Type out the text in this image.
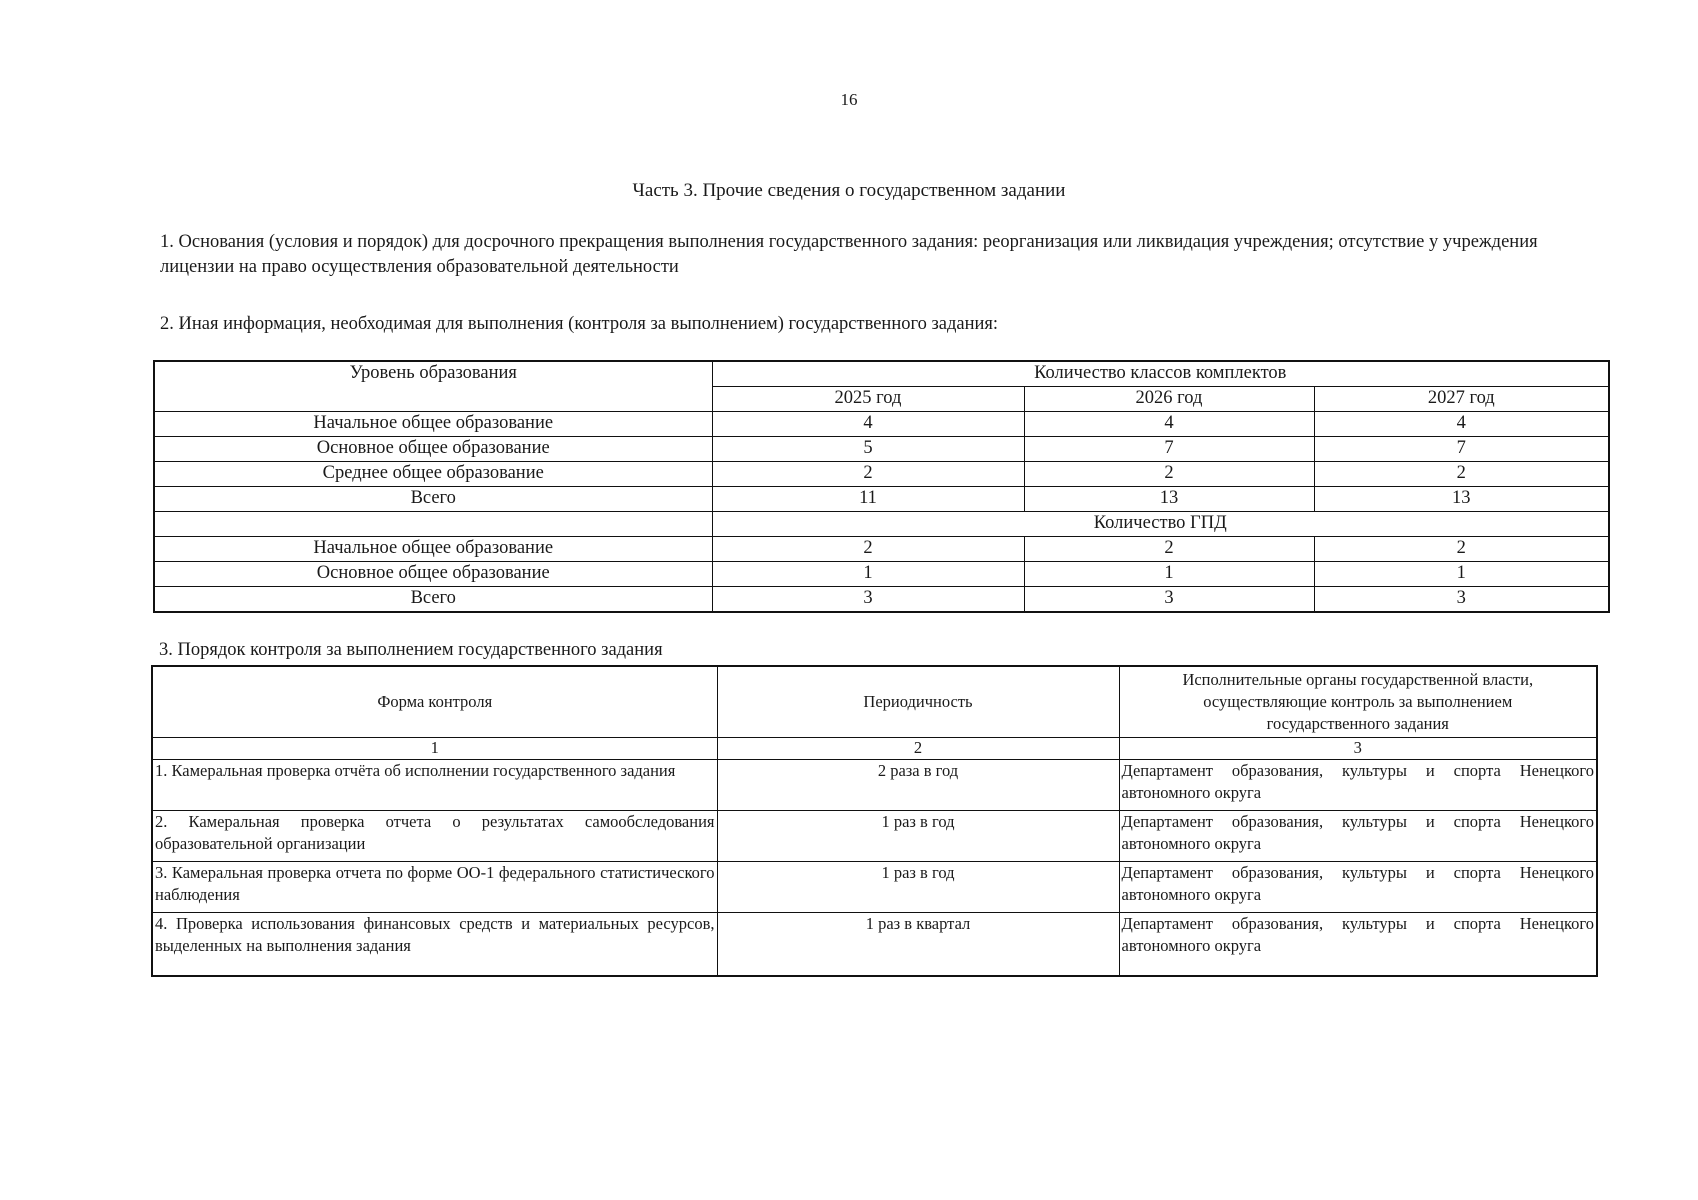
16
Часть 3. Прочие сведения о государственном задании
1. Основания (условия и порядок) для досрочного прекращения выполнения государственного задания: реорганизация или ликвидация учреждения; отсутствие у учреждения лицензии на право осуществления образовательной деятельности
2. Иная информация, необходимая для выполнения (контроля за выполнением) государственного задания:
Уровень образования	Количество классов комплектов		
	2025 год	2026 год	2027 год
Начальное общее образование	4	4	4
Основное общее образование	5	7	7
Среднее общее образование	2	2	2
Всего	11	13	13
	Количество ГПД		
Начальное общее образование	2	2	2
Основное общее образование	1	1	1
Всего	3	3	3
3. Порядок контроля за выполнением государственного задания
Форма контроля	Периодичность	Исполнительные органы государственной власти, осуществляющие контроль за выполнением государственного задания
1	2	3
1. Камеральная проверка отчёта об исполнении государственного задания	2 раза в год	Департамент образования, культуры и спорта Ненецкого автономного округа
2. Камеральная проверка отчета о результатах самообследования образовательной организации	1 раз в год	Департамент образования, культуры и спорта Ненецкого автономного округа
3. Камеральная проверка отчета по форме ОО-1 федерального статистического наблюдения	1 раз в год	Департамент образования, культуры и спорта Ненецкого автономного округа
4. Проверка использования финансовых средств и материальных ресурсов, выделенных на выполнения задания	1 раз в квартал	Департамент образования, культуры и спорта Ненецкого автономного округа
